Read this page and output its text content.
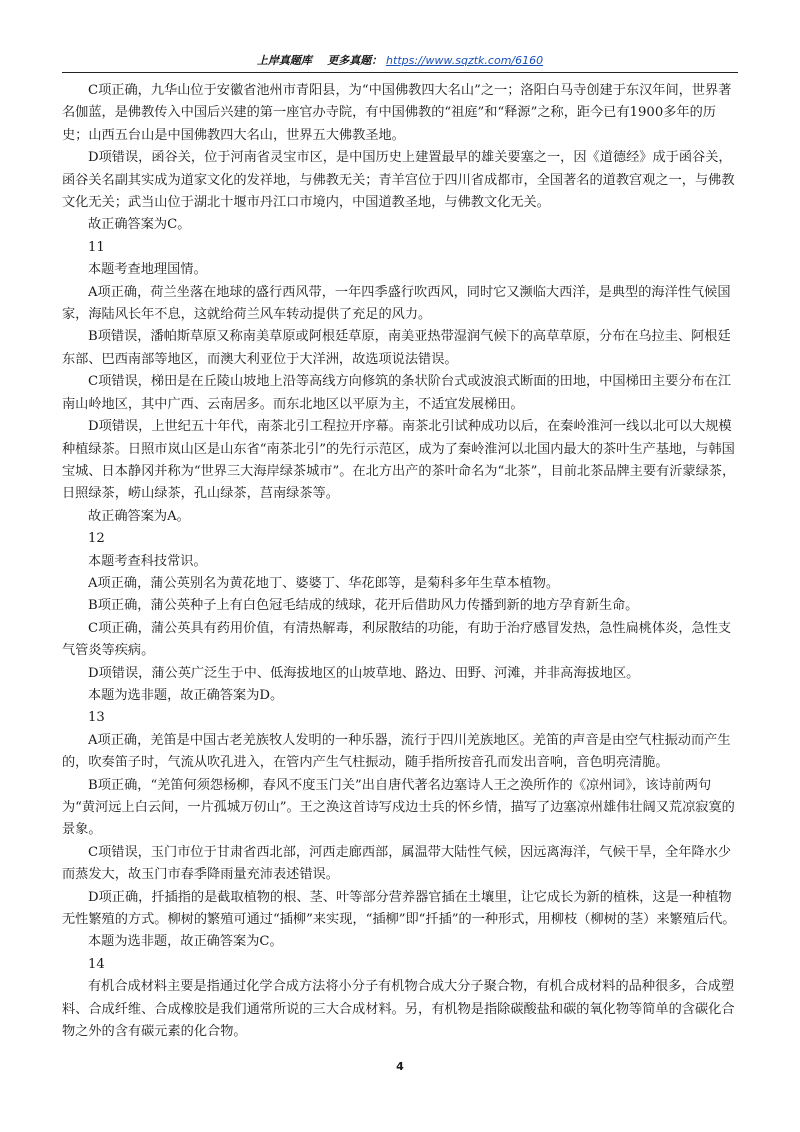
上岸真题库 更多真题： https://www.sqztk.com/6160

C项正确，九华山位于安徽省池州市青阳县，为“中国佛教四大名山”之一；洛阳白马寺创建于东汉年间，世界著名伽蓝，是佛教传入中国后兴建的第一座官办寺院，有中国佛教的“祖庭”和“释源”之称，距今已有1900多年的历史；山西五台山是中国佛教四大名山，世界五大佛教圣地。

D项错误，函谷关，位于河南省灵宝市区，是中国历史上建置最早的雄关要塞之一，因《道德经》成于函谷关，函谷关名副其实成为道家文化的发祥地，与佛教无关；青羊宫位于四川省成都市，全国著名的道教宫观之一，与佛教文化无关；武当山位于湖北十堰市丹江口市境内，中国道教圣地，与佛教文化无关。

故正确答案为C。

11

本题考查地理国情。

A项正确，荷兰坐落在地球的盛行西风带，一年四季盛行吹西风，同时它又濒临大西洋，是典型的海洋性气候国家，海陆风长年不息，这就给荷兰风车转动提供了充足的风力。

B项错误，潘帕斯草原又称南美草原或阿根廷草原，南美亚热带湿润气候下的高草草原，分布在乌拉圭、阿根廷东部、巴西南部等地区，而澳大利亚位于大洋洲，故选项说法错误。

C项错误，梯田是在丘陵山坡地上沿等高线方向修筑的条状阶台式或波浪式断面的田地，中国梯田主要分布在江南山岭地区，其中广西、云南居多。而东北地区以平原为主，不适宜发展梯田。

D项错误，上世纪五十年代，南茶北引工程拉开序幕。南茶北引试种成功以后，在秦岭淮河一线以北可以大规模种植绿茶。日照市岚山区是山东省“南茶北引”的先行示范区，成为了秦岭淮河以北国内最大的茶叶生产基地，与韩国宝城、日本静冈并称为“世界三大海岸绿茶城市”。在北方出产的茶叶命名为“北茶”，目前北茶品牌主要有沂蒙绿茶，日照绿茶，崂山绿茶，孔山绿茶，莒南绿茶等。

故正确答案为A。

12

本题考查科技常识。

A项正确，蒲公英别名为黄花地丁、婆婆丁、华花郎等，是菊科多年生草本植物。

B项正确，蒲公英种子上有白色冠毛结成的绒球，花开后借助风力传播到新的地方孕育新生命。

C项正确，蒲公英具有药用价值，有清热解毒，利尿散结的功能，有助于治疗感冒发热，急性扁桃体炎，急性支气管炎等疾病。

D项错误，蒲公英广泛生于中、低海拔地区的山坡草地、路边、田野、河滩，并非高海拔地区。

本题为选非题，故正确答案为D。

13

A项正确，羌笛是中国古老羌族牧人发明的一种乐器，流行于四川羌族地区。羌笛的声音是由空气柱振动而产生的，吹奏笛子时，气流从吹孔进入，在管内产生气柱振动，随手指所按音孔而发出音响，音色明亮清脆。

B项正确，“羌笛何须怨杨柳，春风不度玉门关”出自唐代著名边塞诗人王之涣所作的《凉州词》，该诗前两句为“黄河远上白云间，一片孤城万仞山”。王之涣这首诗写戍边士兵的怀乡情，描写了边塞凉州雄伟壮阔又荒凉寂寞的景象。

C项错误，玉门市位于甘肃省西北部，河西走廊西部，属温带大陆性气候，因远离海洋，气候干旱，全年降水少而蒸发大，故玉门市春季降雨量充沛表述错误。

D项正确，扦插指的是截取植物的根、茎、叶等部分营养器官插在土壤里，让它成长为新的植株，这是一种植物无性繁殖的方式。柳树的繁殖可通过“插柳”来实现，“插柳”即“扦插”的一种形式，用柳枝（柳树的茎）来繁殖后代。

本题为选非题，故正确答案为C。

14

有机合成材料主要是指通过化学合成方法将小分子有机物合成大分子聚合物，有机合成材料的品种很多，合成塑料、合成纤维、合成橡胶是我们通常所说的三大合成材料。另，有机物是指除碳酸盐和碳的氧化物等简单的含碳化合物之外的含有碳元素的化合物。

4
